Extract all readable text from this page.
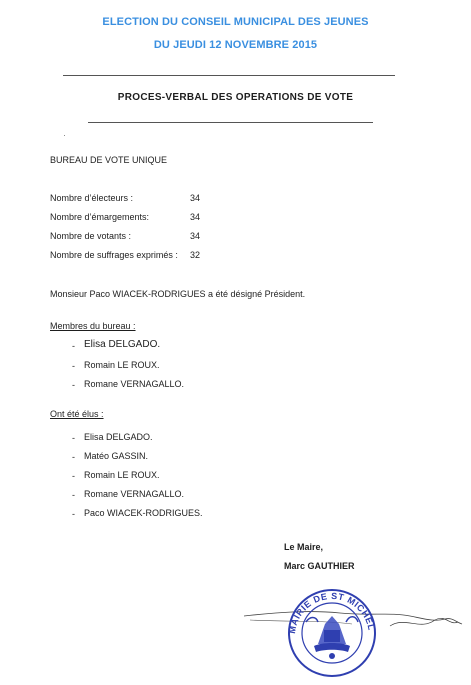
ELECTION DU CONSEIL MUNICIPAL DES JEUNES
DU JEUDI 12 NOVEMBRE 2015
PROCES-VERBAL DES OPERATIONS DE VOTE
·
BUREAU DE VOTE UNIQUE
Nombre d’électeurs :	34
Nombre d’émargements:	34
Nombre de votants :	34
Nombre de suffrages exprimés : 32
Monsieur Paco WIACEK-RODRIGUES a été désigné Président.
Membres du bureau :
- Elisa DELGADO.
-	Romain LE ROUX.
-	Romane VERNAGALLO.
Ont été élus :
-	Elisa DELGADO.
-	Matéo GASSIN.
-	Romain LE ROUX.
-	Romane VERNAGALLO.
-	Paco WIACEK-RODRIGUES.
Le Maire,
Marc GAUTHIER
MAIRIE DE ST MICHEL
